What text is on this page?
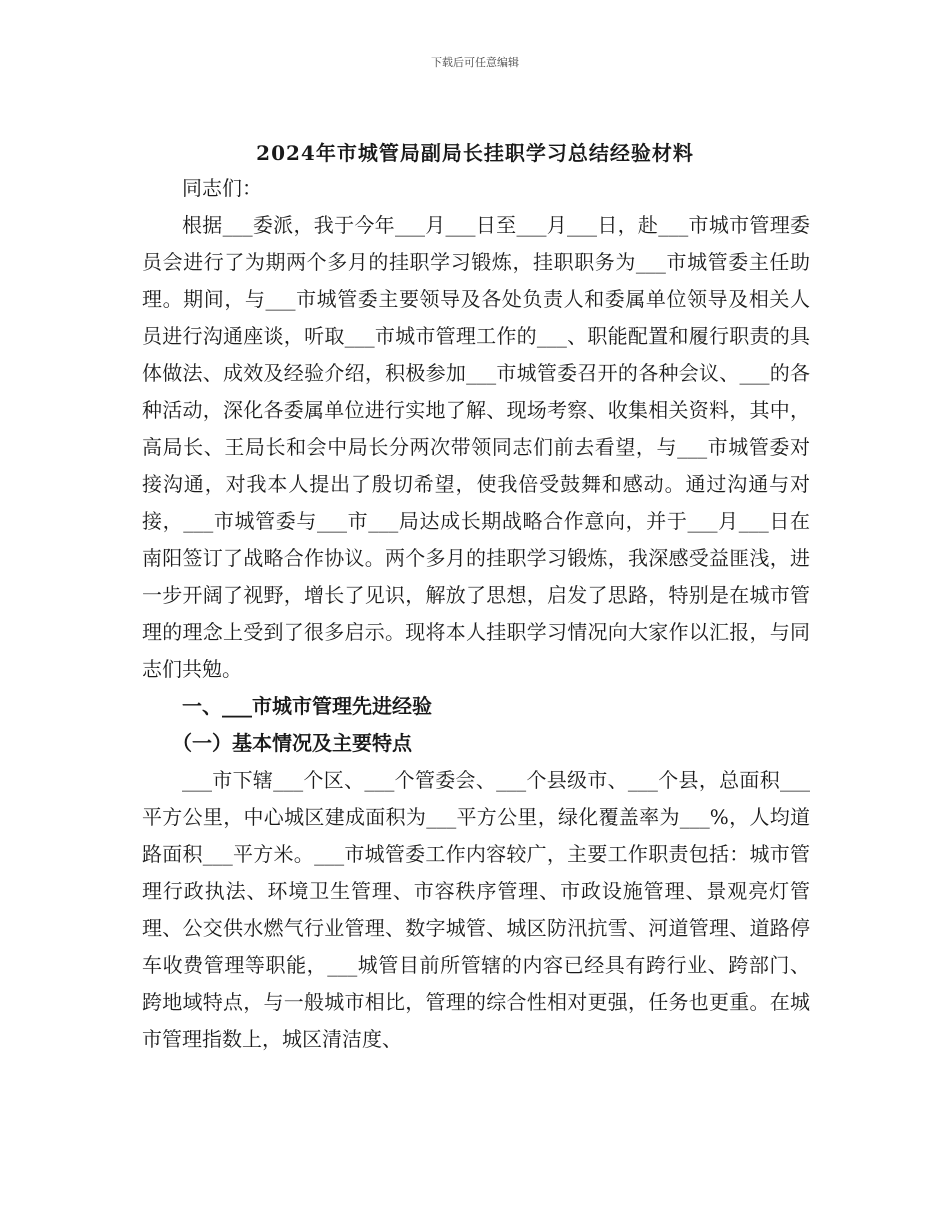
下载后可任意编辑
2024年市城管局副局长挂职学习总结经验材料

同志们：

根据___委派，我于今年___月___日至___月___日，赴___市城市管理委员会进行了为期两个多月的挂职学习锻炼，挂职职务为___市城管委主任助理。期间，与___市城管委主要领导及各处负责人和委属单位领导及相关人员进行沟通座谈，听取___市城市管理工作的___、职能配置和履行职责的具体做法、成效及经验介绍，积极参加___市城管委召开的各种会议、___的各种活动，深化各委属单位进行实地了解、现场考察、收集相关资料，其中，高局长、王局长和会中局长分两次带领同志们前去看望，与___市城管委对接沟通，对我本人提出了殷切希望，使我倍受鼓舞和感动。通过沟通与对接，___市城管委与___市___局达成长期战略合作意向，并于___月___日在南阳签订了战略合作协议。两个多月的挂职学习锻炼，我深感受益匪浅，进一步开阔了视野，增长了见识，解放了思想，启发了思路，特别是在城市管理的理念上受到了很多启示。现将本人挂职学习情况向大家作以汇报，与同志们共勉。

一、___市城市管理先进经验
（一）基本情况及主要特点

___市下辖___个区、___个管委会、___个县级市、___个县，总面积___平方公里，中心城区建成面积为___平方公里，绿化覆盖率为___%，人均道路面积___平方米。___市城管委工作内容较广，主要工作职责包括：城市管理行政执法、环境卫生管理、市容秩序管理、市政设施管理、景观亮灯管理、公交供水燃气行业管理、数字城管、城区防汛抗雪、河道管理、道路停车收费管理等职能，___城管目前所管辖的内容已经具有跨行业、跨部门、跨地域特点，与一般城市相比，管理的综合性相对更强，任务也更重。在城市管理指数上，城区清洁度、
